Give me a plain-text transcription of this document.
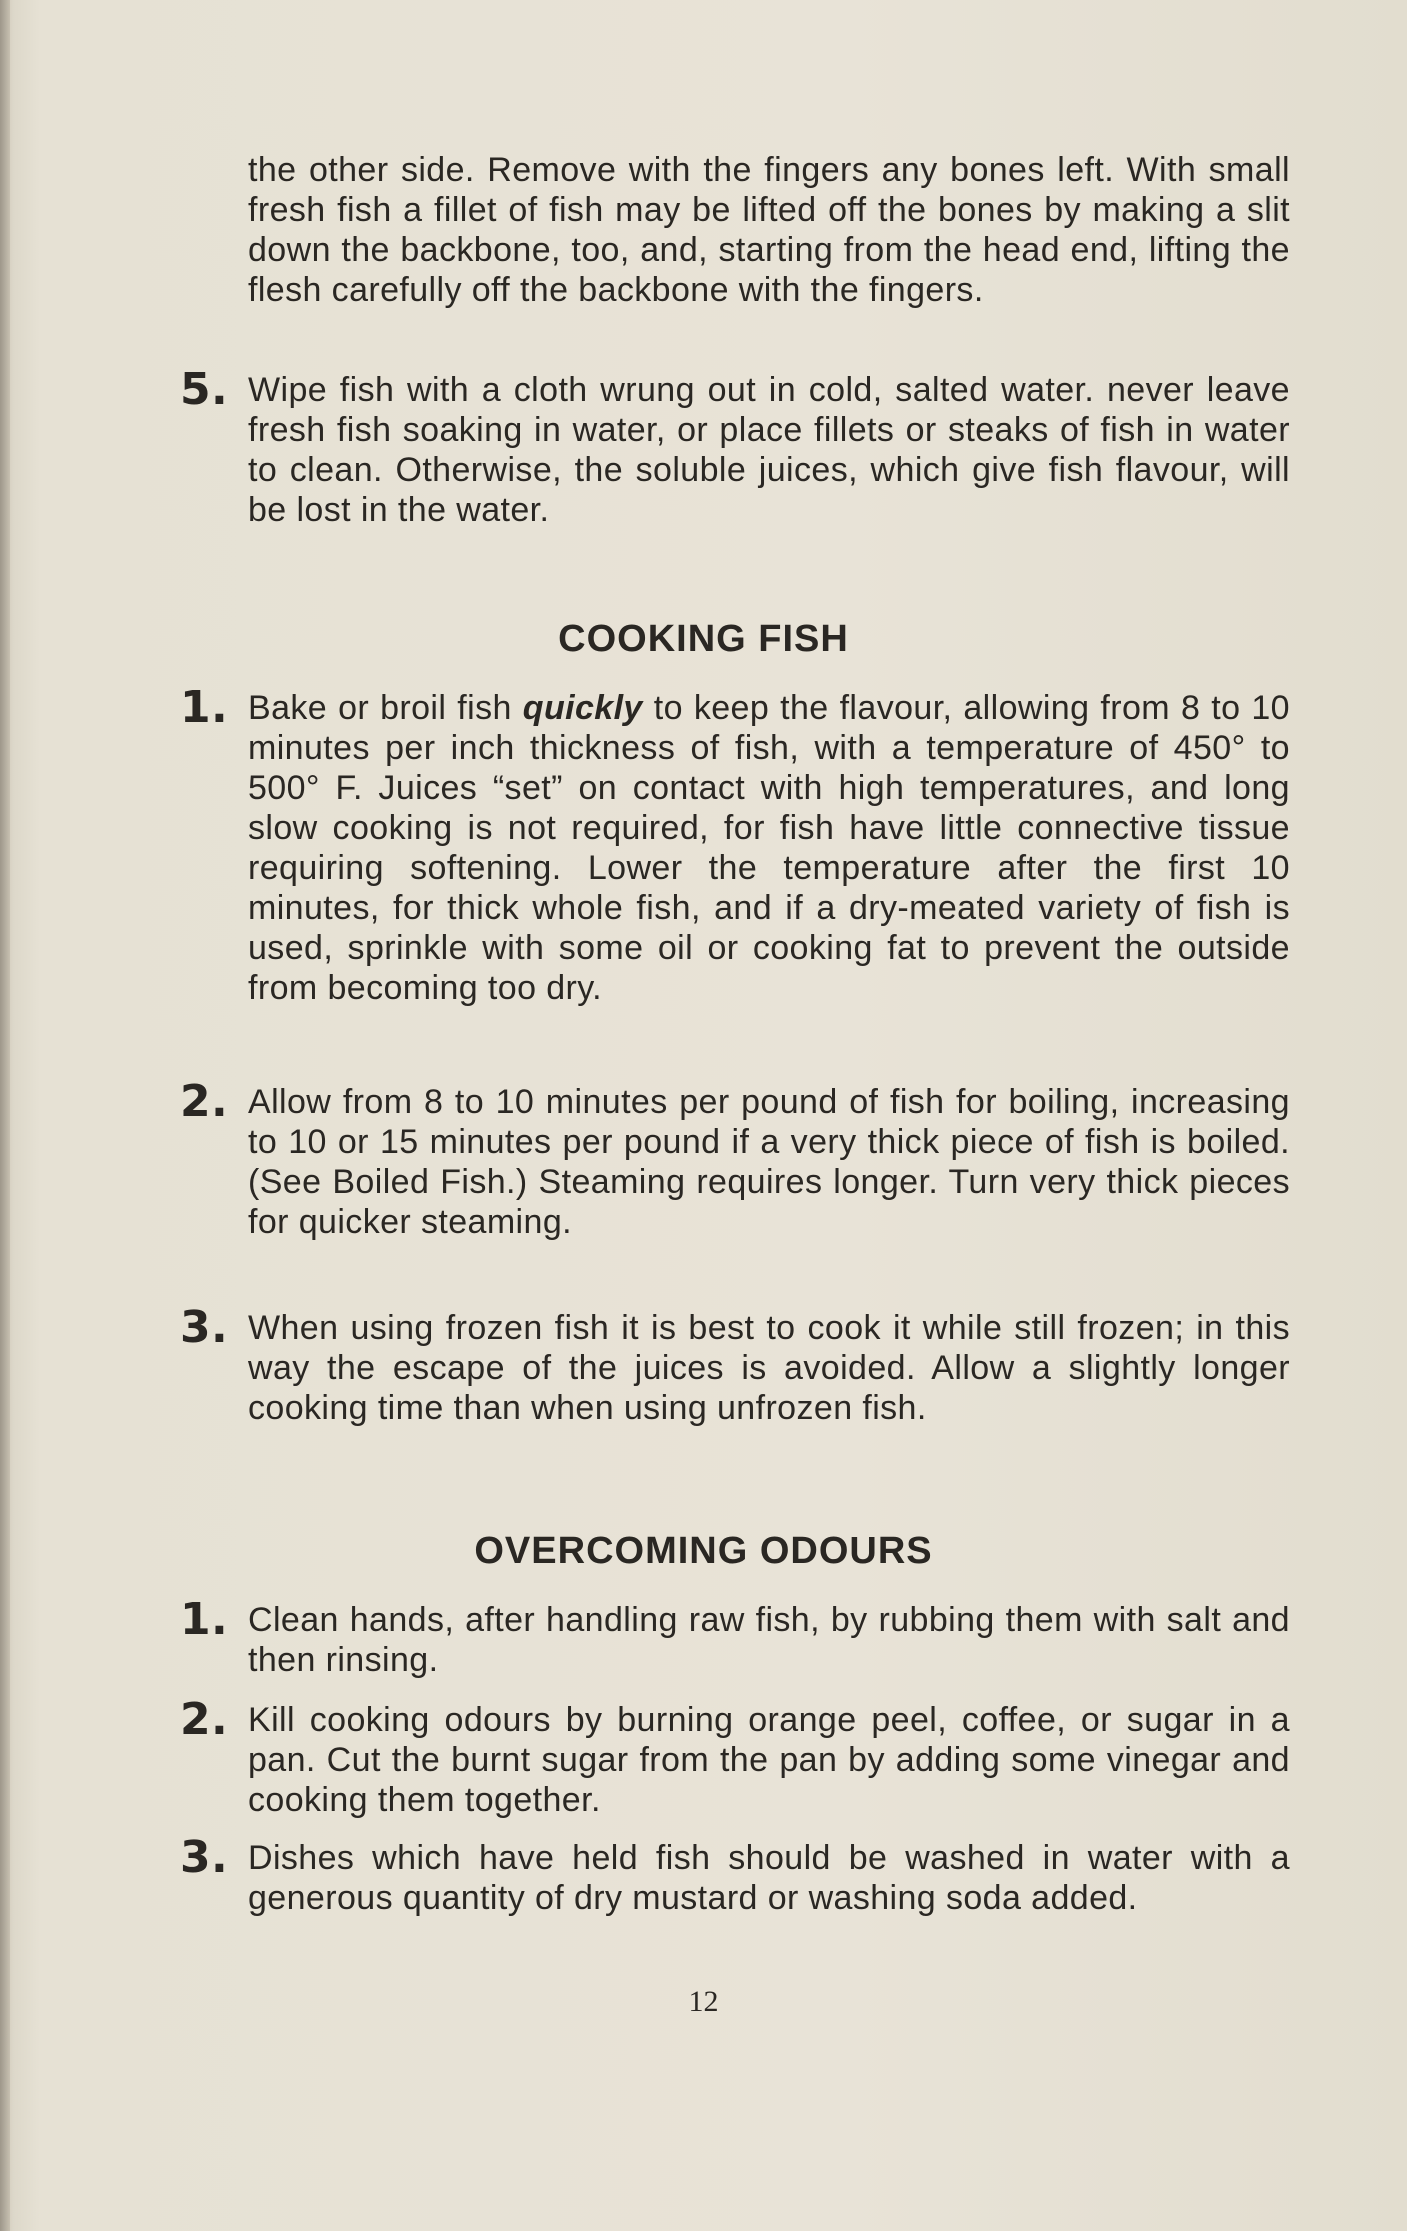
the other side. Remove with the fingers any bones left. With small fresh fish a fillet of fish may be lifted off the bones by making a slit down the backbone, too, and, starting from the head end, lifting the flesh carefully off the backbone with the fingers.

5. Wipe fish with a cloth wrung out in cold, salted water. never leave fresh fish soaking in water, or place fillets or steaks of fish in water to clean. Otherwise, the soluble juices, which give fish flavour, will be lost in the water.

COOKING FISH

1. Bake or broil fish quickly to keep the flavour, allowing from 8 to 10 minutes per inch thickness of fish, with a temperature of 450° to 500° F. Juices “set” on contact with high temperatures, and long slow cooking is not required, for fish have little connective tissue requiring softening. Lower the temperature after the first 10 minutes, for thick whole fish, and if a dry-meated variety of fish is used, sprinkle with some oil or cooking fat to prevent the outside from becoming too dry.

2. Allow from 8 to 10 minutes per pound of fish for boiling, increasing to 10 or 15 minutes per pound if a very thick piece of fish is boiled. (See Boiled Fish.) Steaming requires longer. Turn very thick pieces for quicker steaming.

3. When using frozen fish it is best to cook it while still frozen; in this way the escape of the juices is avoided. Allow a slightly longer cooking time than when using unfrozen fish.

OVERCOMING ODOURS

1. Clean hands, after handling raw fish, by rubbing them with salt and then rinsing.

2. Kill cooking odours by burning orange peel, coffee, or sugar in a pan. Cut the burnt sugar from the pan by adding some vinegar and cooking them together.

3. Dishes which have held fish should be washed in water with a generous quantity of dry mustard or washing soda added.

12
